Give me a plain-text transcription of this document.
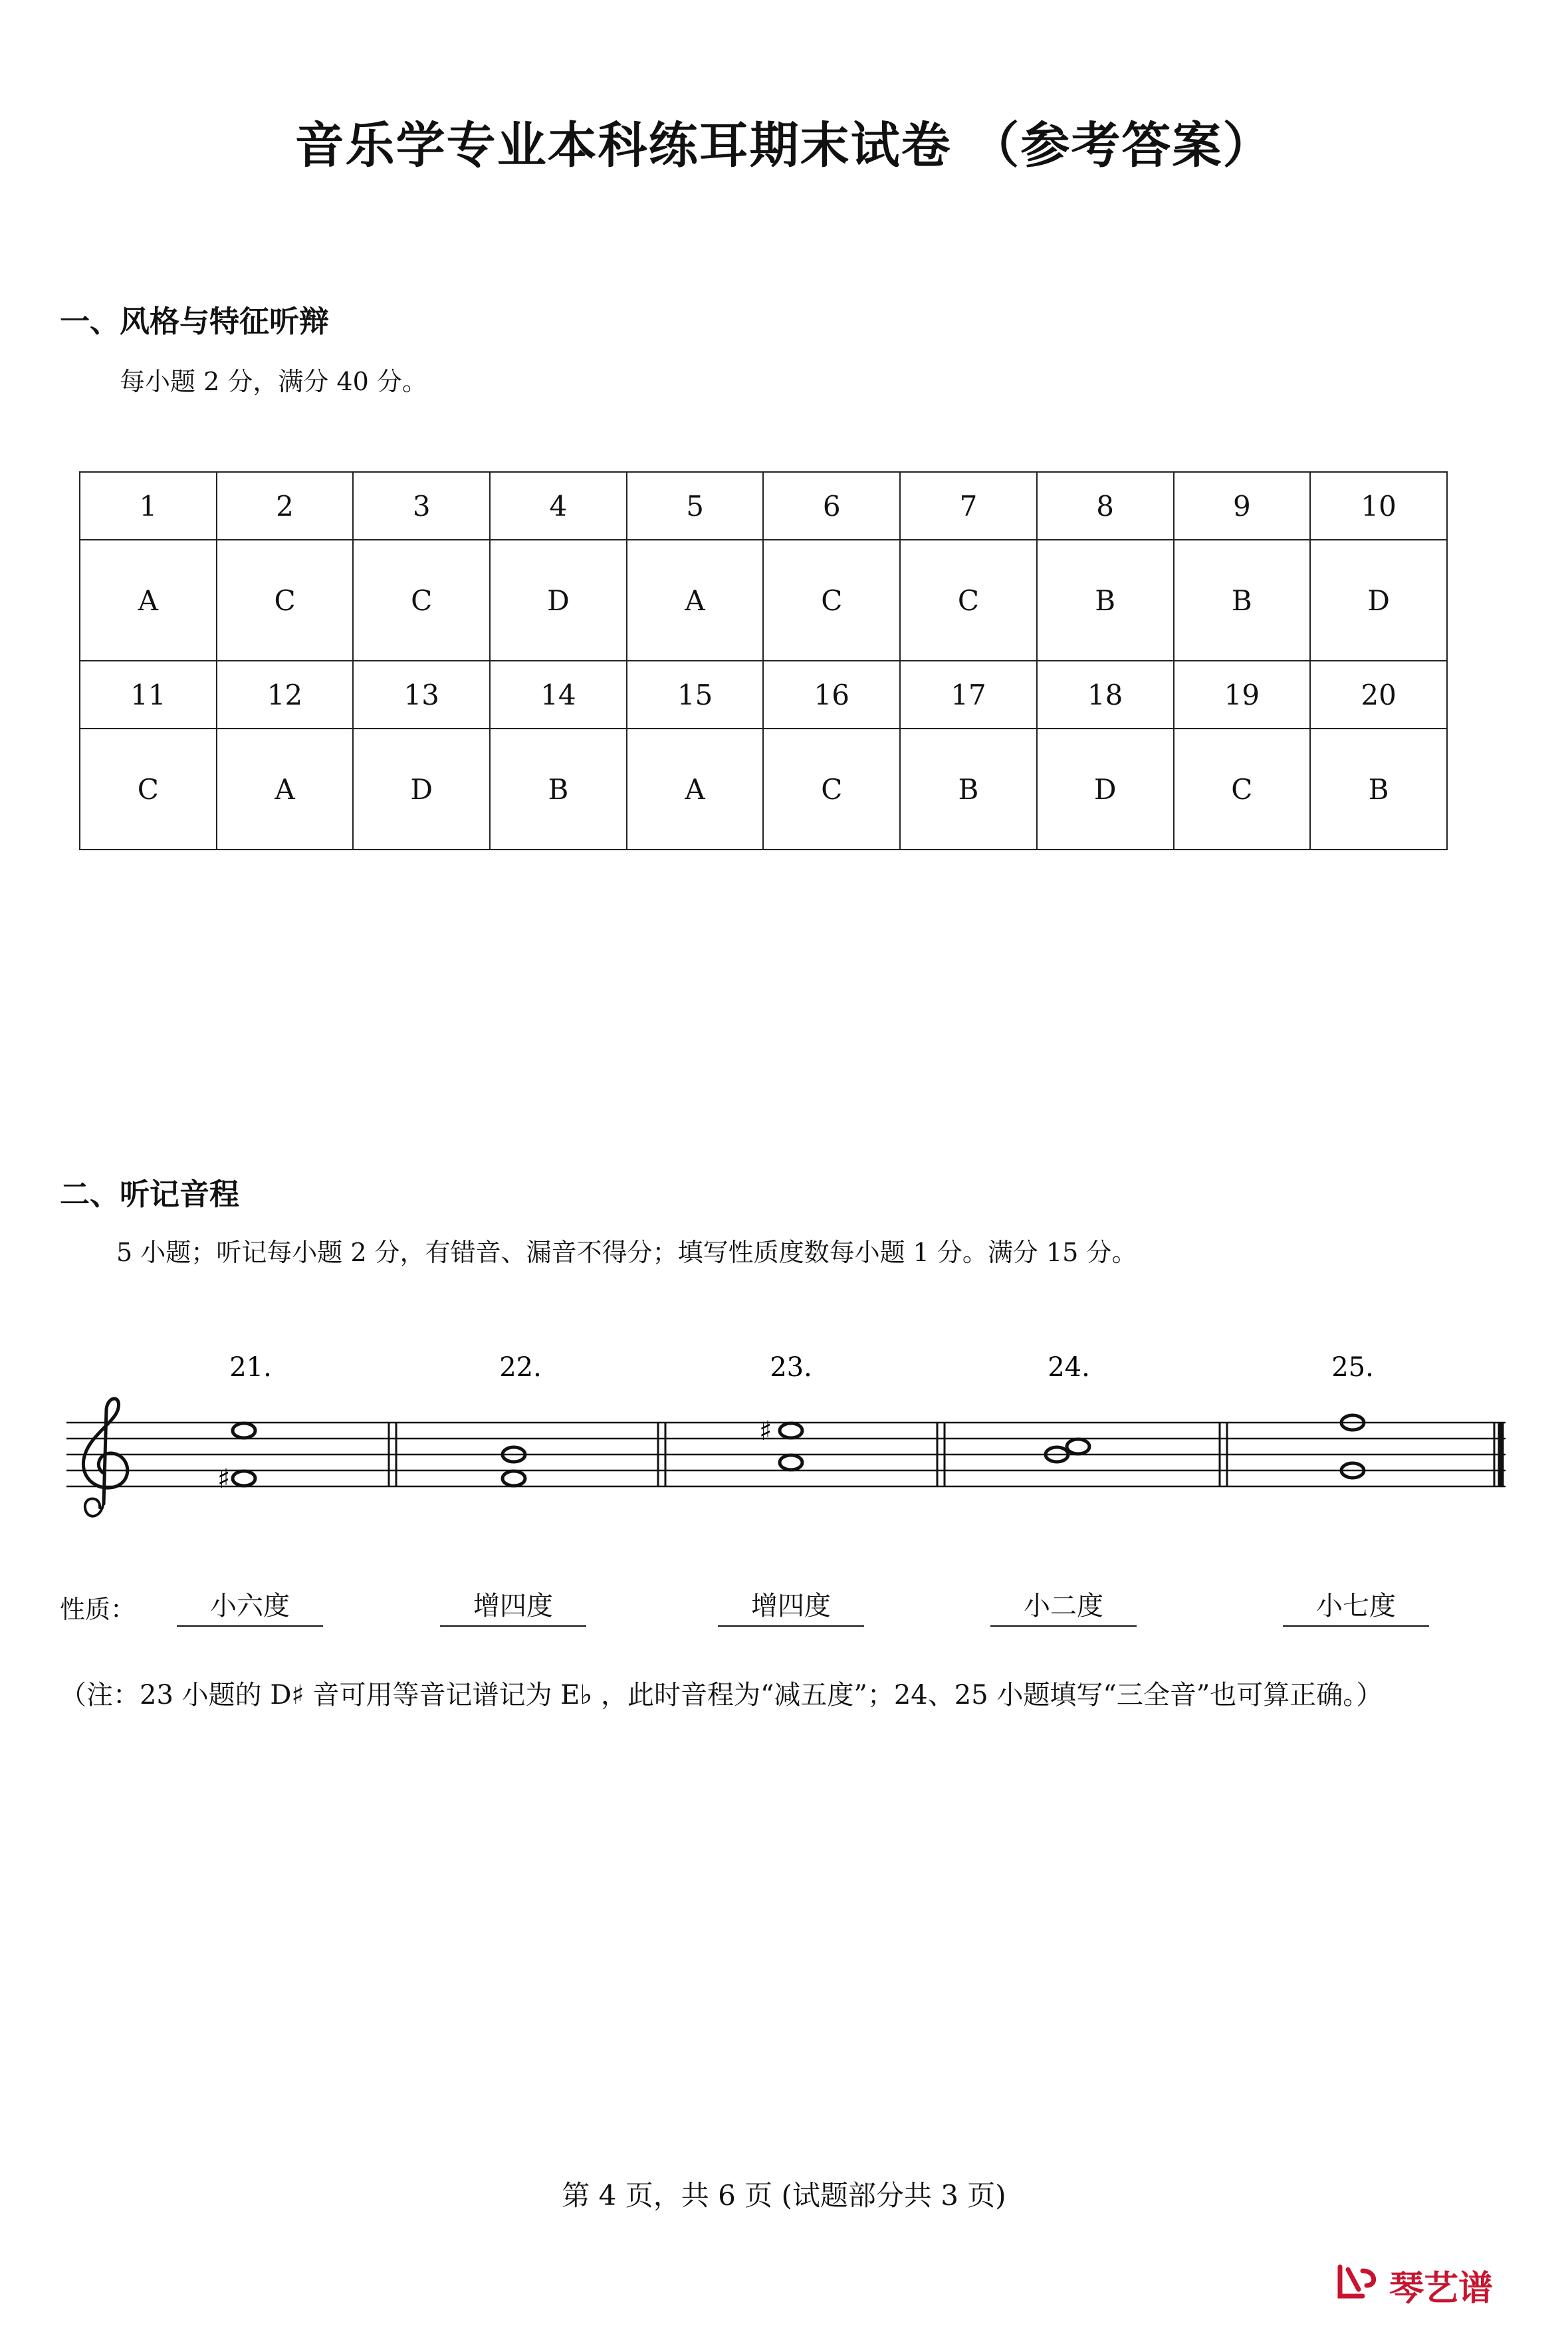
音乐学专业本科练耳期末试卷 （参考答案）
一、风格与特征听辩
每小题 2 分，满分 40 分。
1	2	3	4	5	6	7	8	9	10
A	C	C	D	A	C	C	B	B	D
11	12	13	14	15	16	17	18	19	20
C	A	D	B	A	C	B	D	C	B
二、听记音程
5 小题；听记每小题 2 分，有错音、漏音不得分；填写性质度数每小题 1 分。满分 15 分。
21.	22.	23.	24.	25.
♯
♯
性质：	小六度	增四度	增四度	小二度	小七度
（注：23 小题的 D♯ 音可用等音记谱记为 E♭ ，此时音程为“减五度”；24、25 小题填写“三全音”也可算正确。）
第 4 页，共 6 页 (试题部分共 3 页)
琴艺谱
